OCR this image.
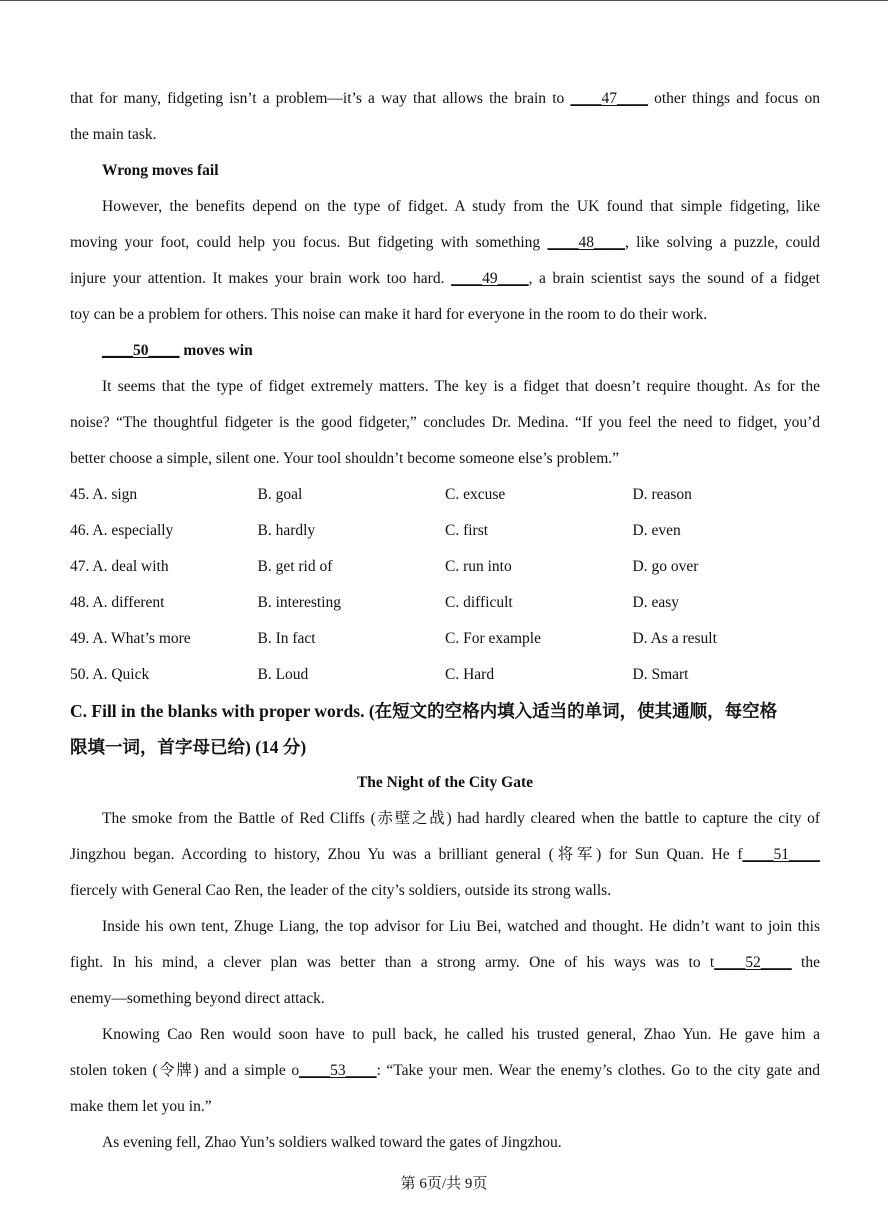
that for many, fidgeting isn’t a problem—it’s a way that allows the brain to ____47____ other things and focus on
the main task.
Wrong moves fail
However, the benefits depend on the type of fidget. A study from the UK found that simple fidgeting, like
moving your foot, could help you focus. But fidgeting with something ____48____, like solving a puzzle, could
injure your attention. It makes your brain work too hard. ____49____, a brain scientist says the sound of a fidget
toy can be a problem for others. This noise can make it hard for everyone in the room to do their work.
____50____ moves win
It seems that the type of fidget extremely matters. The key is a fidget that doesn’t require thought. As for the
noise? “The thoughtful fidgeter is the good fidgeter,” concludes Dr. Medina. “If you feel the need to fidget, you’d
better choose a simple, silent one. Your tool shouldn’t become someone else’s problem.”
45. A. sign	B. goal	C. excuse	D. reason
46. A. especially	B. hardly	C. first	D. even
47. A. deal with	B. get rid of	C. run into	D. go over
48. A. different	B. interesting	C. difficult	D. easy
49. A. What’s more	B. In fact	C. For example	D. As a result
50. A. Quick	B. Loud	C. Hard	D. Smart
C. Fill in the blanks with proper words. (在短文的空格内填入适当的单词，使其通顺，每空格
限填一词，首字母已给) (14 分)
The Night of the City Gate
The smoke from the Battle of Red Cliffs (赤壁之战) had hardly cleared when the battle to capture the city of
Jingzhou began. According to history, Zhou Yu was a brilliant general (将军) for Sun Quan. He f____51____
fiercely with General Cao Ren, the leader of the city’s soldiers, outside its strong walls.
Inside his own tent, Zhuge Liang, the top advisor for Liu Bei, watched and thought. He didn’t want to join this
fight. In his mind, a clever plan was better than a strong army. One of his ways was to t____52____ the
enemy—something beyond direct attack.
Knowing Cao Ren would soon have to pull back, he called his trusted general, Zhao Yun. He gave him a
stolen token (令牌) and a simple o____53____: “Take your men. Wear the enemy’s clothes. Go to the city gate and
make them let you in.”
As evening fell, Zhao Yun’s soldiers walked toward the gates of Jingzhou.
第 6页/共 9页
